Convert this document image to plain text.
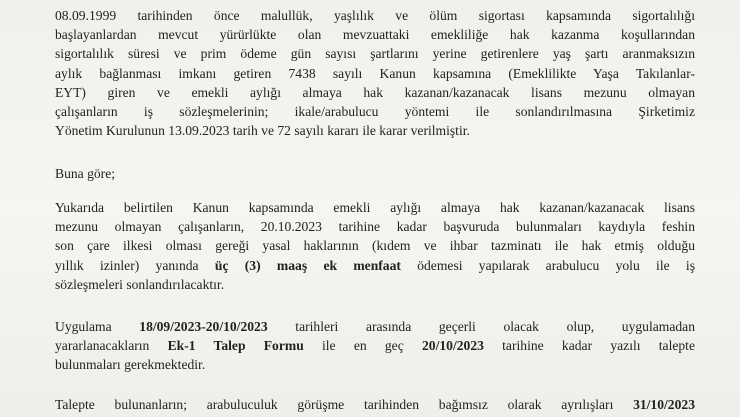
08.09.1999 tarihinden önce malullük, yaşlılık ve ölüm sigortası kapsamında sigortalılığı
başlayanlardan mevcut yürürlükte olan mevzuattaki emekliliğe hak kazanma koşullarından
sigortalılık süresi ve prim ödeme gün sayısı şartlarını yerine getirenlere yaş şartı aranmaksızın
aylık bağlanması imkanı getiren 7438 sayılı Kanun kapsamına (Emeklilikte Yaşa Takılanlar-
EYT) giren ve emekli aylığı almaya hak kazanan/kazanacak lisans mezunu olmayan
çalışanların iş sözleşmelerinin; ikale/arabulucu yöntemi ile sonlandırılmasına Şirketimiz
Yönetim Kurulunun 13.09.2023 tarih ve 72 sayılı kararı ile karar verilmiştir.

Buna göre;

Yukarıda belirtilen Kanun kapsamında emekli aylığı almaya hak kazanan/kazanacak lisans
mezunu olmayan çalışanların, 20.10.2023 tarihine kadar başvuruda bulunmaları kaydıyla feshin
son çare ilkesi olması gereği yasal haklarının (kıdem ve ihbar tazminatı ile hak etmiş olduğu
yıllık izinler) yanında üç (3) maaş ek menfaat ödemesi yapılarak arabulucu yolu ile iş
sözleşmeleri sonlandırılacaktır.

Uygulama 18/09/2023-20/10/2023 tarihleri arasında geçerli olacak olup, uygulamadan
yararlanacakların Ek-1 Talep Formu ile en geç 20/10/2023 tarihine kadar yazılı talepte
bulunmaları gerekmektedir.

Talepte bulunanların; arabuluculuk görüşme tarihinden bağımsız olarak ayrılışları 31/10/2023
